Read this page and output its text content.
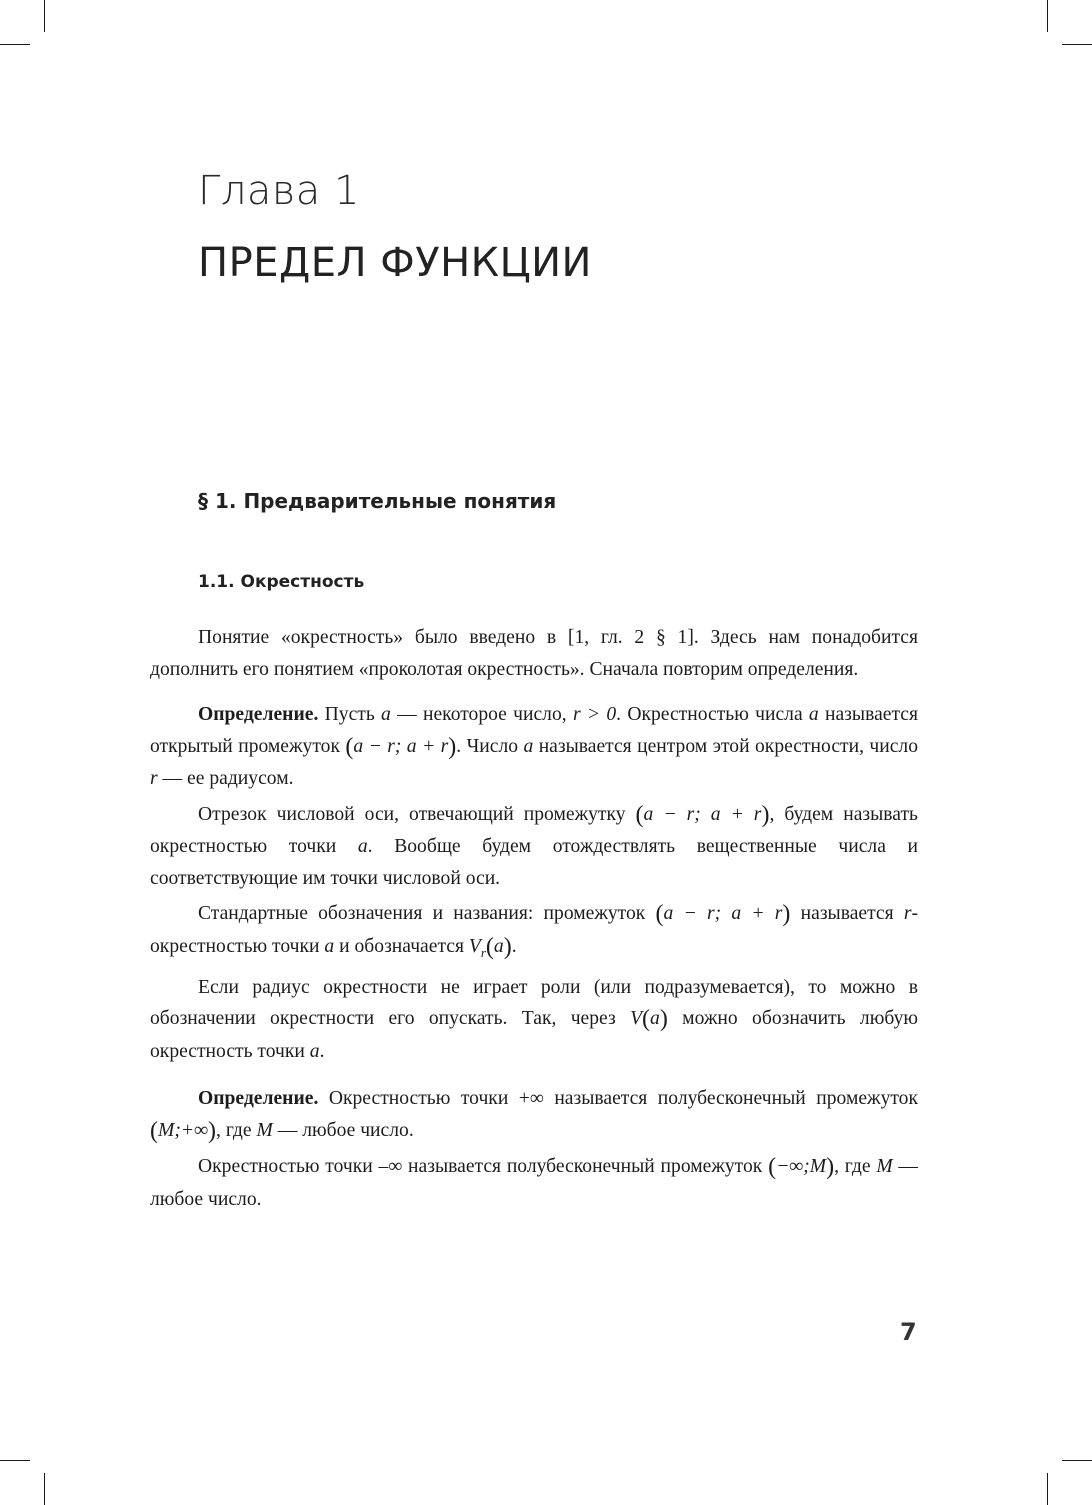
Глава 1
ПРЕДЕЛ ФУНКЦИИ
§ 1. Предварительные понятия
1.1. Окрестность

Понятие «окрестность» было введено в [1, гл. 2 § 1]. Здесь нам понадобится дополнить его понятием «проколотая окрестность». Сначала повторим определения.

Определение. Пусть a — некоторое число, r > 0. Окрестностью числа a называется открытый промежуток (a − r; a + r). Число a называется центром этой окрестности, число r — ее радиусом.

Отрезок числовой оси, отвечающий промежутку (a − r; a + r), будем называть окрестностью точки a. Вообще будем отождествлять вещественные числа и соответствующие им точки числовой оси.

Стандартные обозначения и названия: промежуток (a − r; a + r) называется r-окрестностью точки a и обозначается $V_r(a)$.

Если радиус окрестности не играет роли (или подразумевается), то можно в обозначении окрестности его опускать. Так, через V(a) можно обозначить любую окрестность точки a.

Определение. Окрестностью точки +∞ называется полубесконечный промежуток (M;+∞), где M — любое число.

Окрестностью точки –∞ называется полубесконечный промежуток (−∞;M), где M — любое число.

7
